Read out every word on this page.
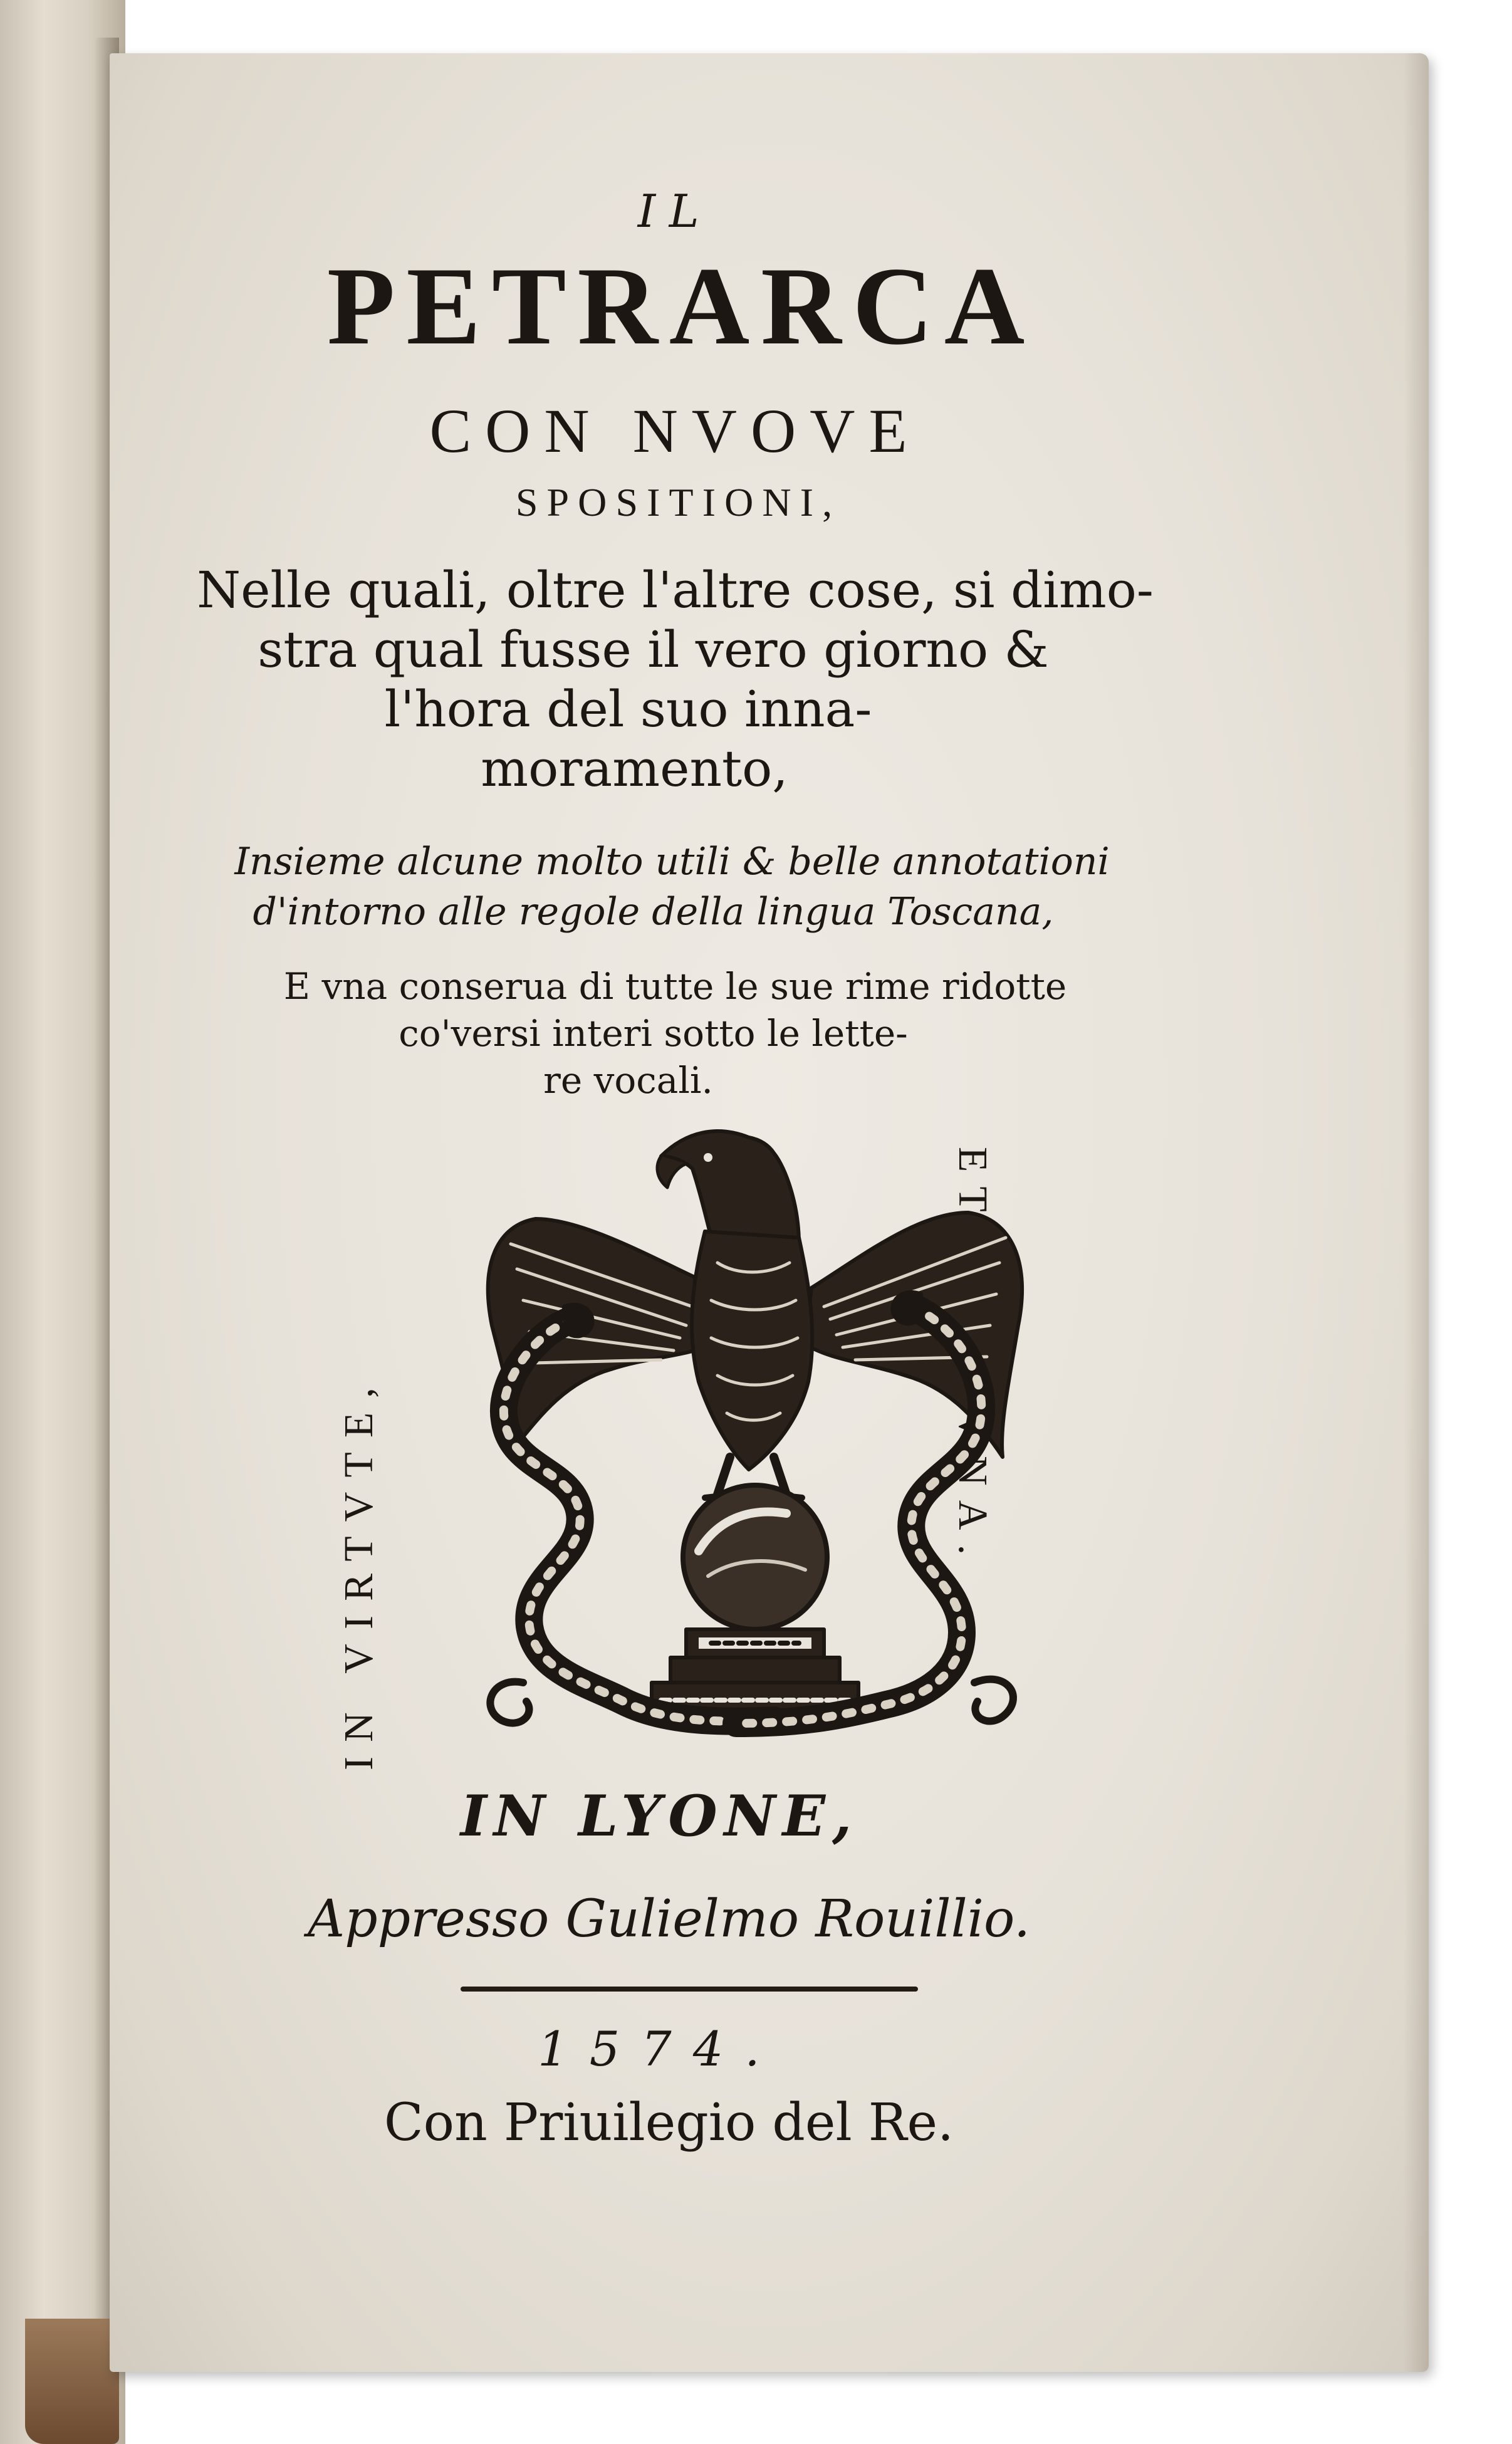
IL

PETRARCA

CON NVOVE

SPOSITIONI,

Nelle quali, oltre l'altre cose, si dimo-

stra qual fusse il vero giorno &

l'hora del suo inna-

moramento,

Insieme alcune molto utili & belle annotationi

d'intorno alle regole della lingua Toscana,

E vna conserua di tutte le sue rime ridotte

co'versi interi sotto le lette-

re vocali.

IN VIRTVTE,

IN LYONE,

Appresso Gulielmo Rouillio.

1574.

Con Priuilegio del Re.
